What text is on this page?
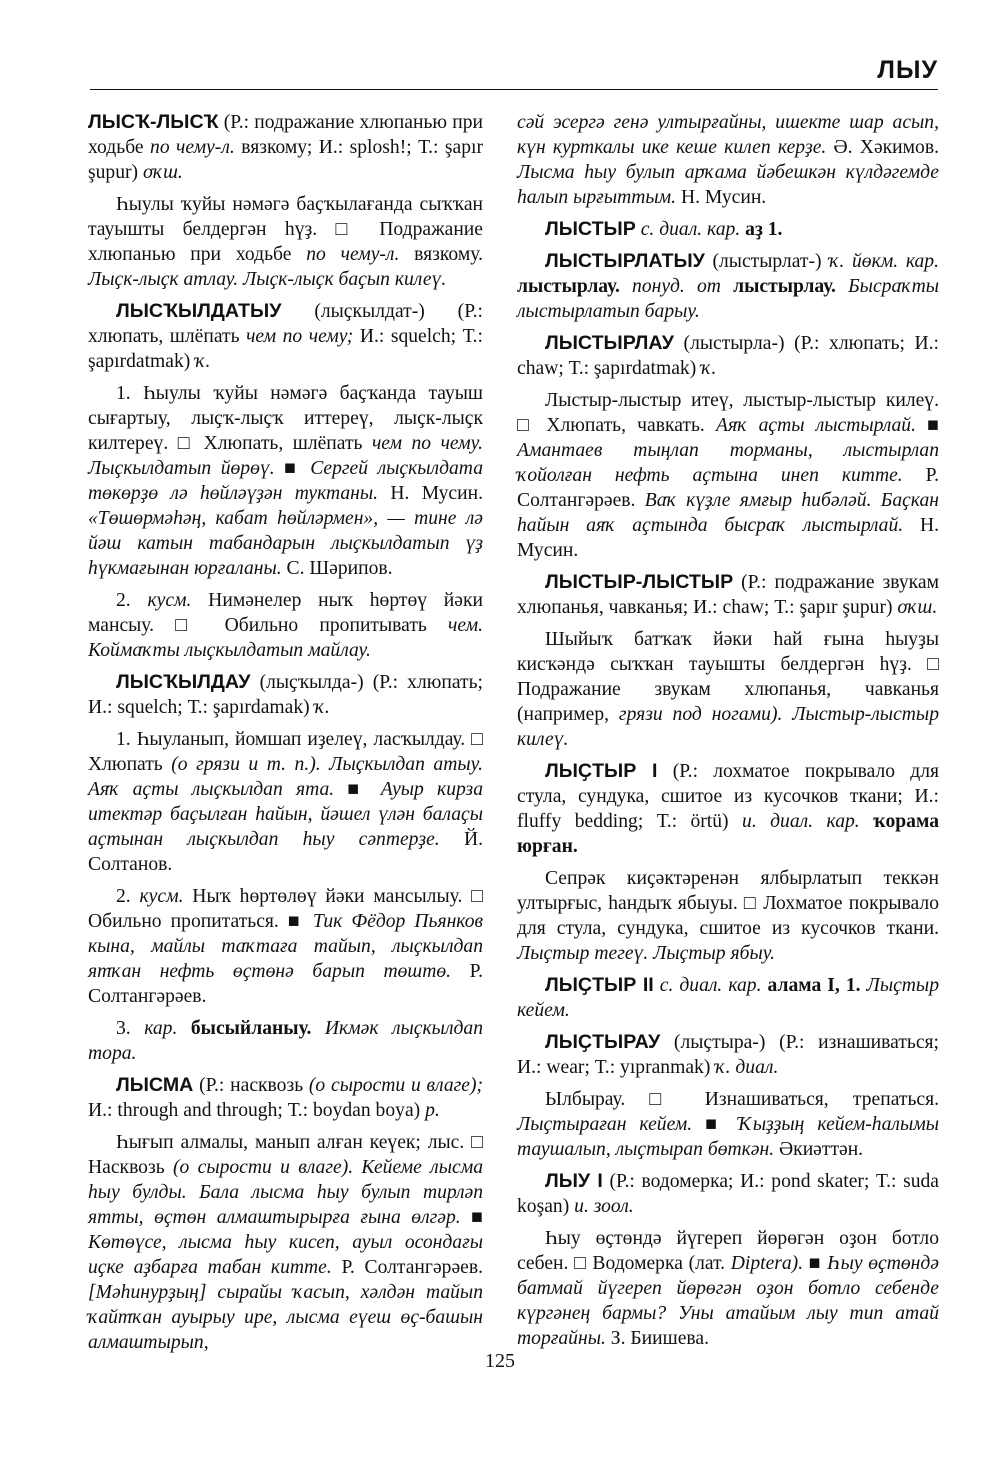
ЛЫУ

ЛЫСҠ-ЛЫСҠ (Р.: подражание хлюпанью при ходьбе по чему-л. вязкому; И.: splosh!; Т.: şapır şupur) оҡш.

Һыулы ҡуйы нәмәгә баҫҡылағанда сыҡҡан тауышты белдергән һүҙ. □ Подражание хлюпанью при ходьбе по чему-л. вязкому. Лыҫк-лыҫк атлау. Лыҫк-лыҫк баҫып килеү.

ЛЫСҠЫЛДАТЫУ (лыҫкылдат-) (Р.: хлюпать, шлёпать чем по чему; И.: squelch; Т.: şapırdatmak) ҡ.

1. Һыулы ҡуйы нәмәгә баҫҡанда тауыш сығартыу, лыҫҡ-лыҫҡ иттереү, лыҫк-лыҫк килтереү. □ Хлюпать, шлёпать чем по чему. Лыҫкылдатып йөрөү. ■ Сергей лыҫкылдата төкөрҙө лә һөйләүҙән туктаны. Н. Мусин. «Төшөрмәһәң, кабат һөйләрмен», — тине лә йәш катын табандарын лыҫкылдатып үҙ һүкмағынан юрғаланы. С. Шәрипов.

2. кусм. Нимәнелер ныҡ һөртөү йәки мансыу. □ Обильно пропитывать чем. Коймаҡты лыҫкылдатып майлау.

ЛЫСҠЫЛДАУ (лыҫҡылда-) (Р.: хлюпать; И.: squelch; Т.: şapırdamak) ҡ.

1. Һыуланып, йомшап иҙелеү, ласҡылдау. □ Хлюпать (о грязи и т. п.). Лыҫкылдап атыу. Аяҡ аҫты лыҫкылдап ята. ■ Ауыр кирза итектәр баҫылған һайын, йәшел үлән балаҫы аҫтынан лыҫкылдап һыу сәптерҙе. Й. Солтанов.

2. кусм. Ныҡ һөртөлөү йәки мансылыу. □ Обильно пропитаться. ■ Тик Фёдор Пьянков кына, майлы таҡтаға тайып, лыҫкылдап ятҡан нефть өҫтөнә барып төштө. Р. Солтангәрәев.

3. кар. бысыйланыу. Икмәк лыҫкылдап тора.

ЛЫСМА (Р.: насквозь (о сырости и влаге); И.: through and through; Т.: boydan boya) р.

Һығып алмалы, манып алған кеүек; лыс. □ Насквозь (о сырости и влаге). Кейеме лысма һыу булды. Бала лысма һыу булып тирләп ятты, өҫтөн алмаштырырға ғына өлгәр. ■ Көтөүсе, лысма һыу кисеп, ауыл осондағы иҫке аҙбарға табан китте. Р. Солтангәрәев. [Мәһинурҙың] сырайы ҡасып, хәлдән тайып ҡайтҡан ауырыу ире, лысма еүеш өҫ-башын алмаштырып,

сәй эсергә генә ултырғайны, ишекте шар асып, күн курткалы ике кеше килеп керҙе. Ә. Хәкимов. Лысма һыу булып арҡама йәбешкән күлдәгемде һалып ырғыттым. Н. Мусин.

ЛЫСТЫР с. диал. кар. аҙ 1.

ЛЫСТЫРЛАТЫУ (лыстырлат-) ҡ. йөкм. кар. лыстырлау. понуд. от лыстырлау. Бысраҡты лыстырлатып барыу.

ЛЫСТЫРЛАУ (лыстырла-) (Р.: хлюпать; И.: chaw; Т.: şapırdatmak) ҡ.

Лыстыр-лыстыр итеү, лыстыр-лыстыр килеү. □ Хлюпать, чавкать. Аяҡ аҫты лыстырлай. ■ Амантаев тыңлап торманы, лыстырлап ҡойолған нефть аҫтына инеп китте. Р. Солтангәрәев. Ваҡ күҙле ямғыр һибәләй. Баҫкан һайын аяҡ аҫтында бысраҡ лыстырлай. Н. Мусин.

ЛЫСТЫР-ЛЫСТЫР (Р.: подражание звукам хлюпанья, чавканья; И.: chaw; Т.: şapır şupur) оҡш.

Шыйыҡ батҡаҡ йәки һай ғына һыуҙы кисҡәндә сыҡҡан тауышты белдергән һүҙ. □ Подражание звукам хлюпанья, чавканья (например, грязи под ногами). Лыстыр-лыстыр килеү.

ЛЫҪТЫР I (Р.: лохматое покрывало для стула, сундука, сшитое из кусочков ткани; И.: fluffy bedding; Т.: örtü) и. диал. кар. ҡорама юрған.

Сепрәк киҫәктәренән ялбырлатып теккән ултырғыс, һандыҡ ябыуы. □ Лохматое покрывало для стула, сундука, сшитое из кусочков ткани. Лыҫтыр тегеү. Лыҫтыр ябыу.

ЛЫҪТЫР II с. диал. кар. алама I, 1. Лыҫтыр кейем.

ЛЫҪТЫРАУ (лыҫтыра-) (Р.: изнашиваться; И.: wear; Т.: yıpranmak) ҡ. диал.

Ылбырау. □ Изнашиваться, трепаться. Лыҫтыраған кейем. ■ Ҡыҙҙың кейем-һалымы таушалып, лыҫтырап бөткән. Әкиәттән.

ЛЫУ I (Р.: водомерка; И.: pond skater; Т.: suda koşan) и. зоол.

Һыу өҫтөндә йүгереп йөрөгән оҙон ботло себен. □ Водомерка (лат. Diptera). ■ Һыу өҫтөндә батмай йүгереп йөрөгән оҙон ботло себенде күргәнең бармы? Уны атайым лыу тип атай торғайны. З. Биишева.

125
